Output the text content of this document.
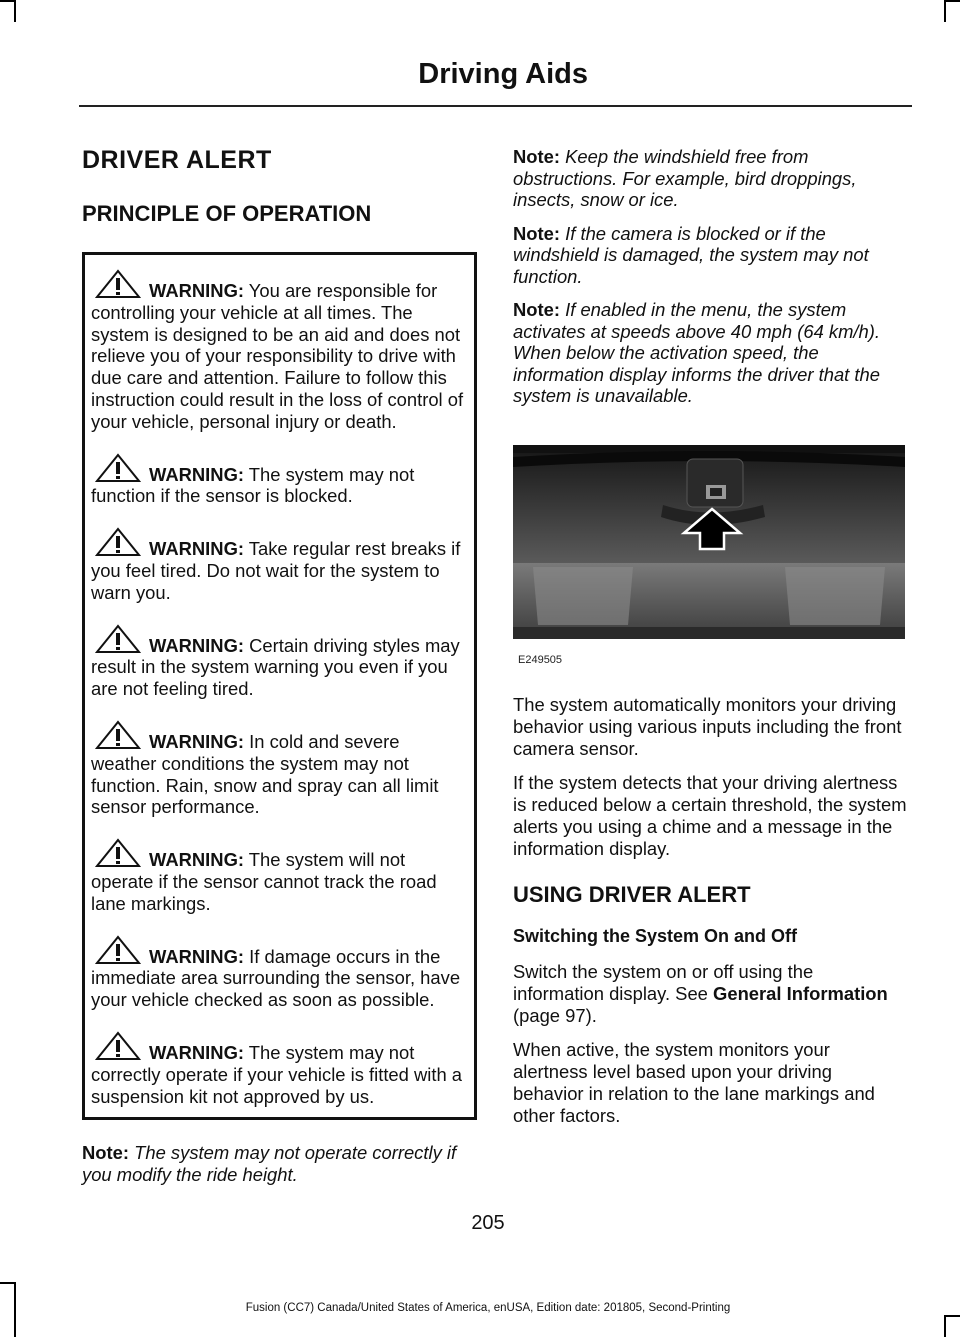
Driving Aids
DRIVER ALERT
PRINCIPLE OF OPERATION

WARNING: You are responsible for controlling your vehicle at all times. The system is designed to be an aid and does not relieve you of your responsibility to drive with due care and attention. Failure to follow this instruction could result in the loss of control of your vehicle, personal injury or death.

WARNING: The system may not function if the sensor is blocked.

WARNING: Take regular rest breaks if you feel tired. Do not wait for the system to warn you.

WARNING: Certain driving styles may result in the system warning you even if you are not feeling tired.

WARNING: In cold and severe weather conditions the system may not function. Rain, snow and spray can all limit sensor performance.

WARNING: The system will not operate if the sensor cannot track the road lane markings.

WARNING: If damage occurs in the immediate area surrounding the sensor, have your vehicle checked as soon as possible.

WARNING: The system may not correctly operate if your vehicle is fitted with a suspension kit not approved by us.

Note: The system may not operate correctly if you modify the ride height.

Note: Keep the windshield free from obstructions. For example, bird droppings, insects, snow or ice.

Note: If the camera is blocked or if the windshield is damaged, the system may not function.

Note: If enabled in the menu, the system activates at speeds above 40 mph (64 km/h). When below the activation speed, the information display informs the driver that the system is unavailable.

E249505

The system automatically monitors your driving behavior using various inputs including the front camera sensor.

If the system detects that your driving alertness is reduced below a certain threshold, the system alerts you using a chime and a message in the information display.

USING DRIVER ALERT
Switching the System On and Off

Switch the system on or off using the information display. See General Information (page 97).

When active, the system monitors your alertness level based upon your driving behavior in relation to the lane markings and other factors.

205
Fusion (CC7) Canada/United States of America, enUSA, Edition date: 201805, Second-Printing
